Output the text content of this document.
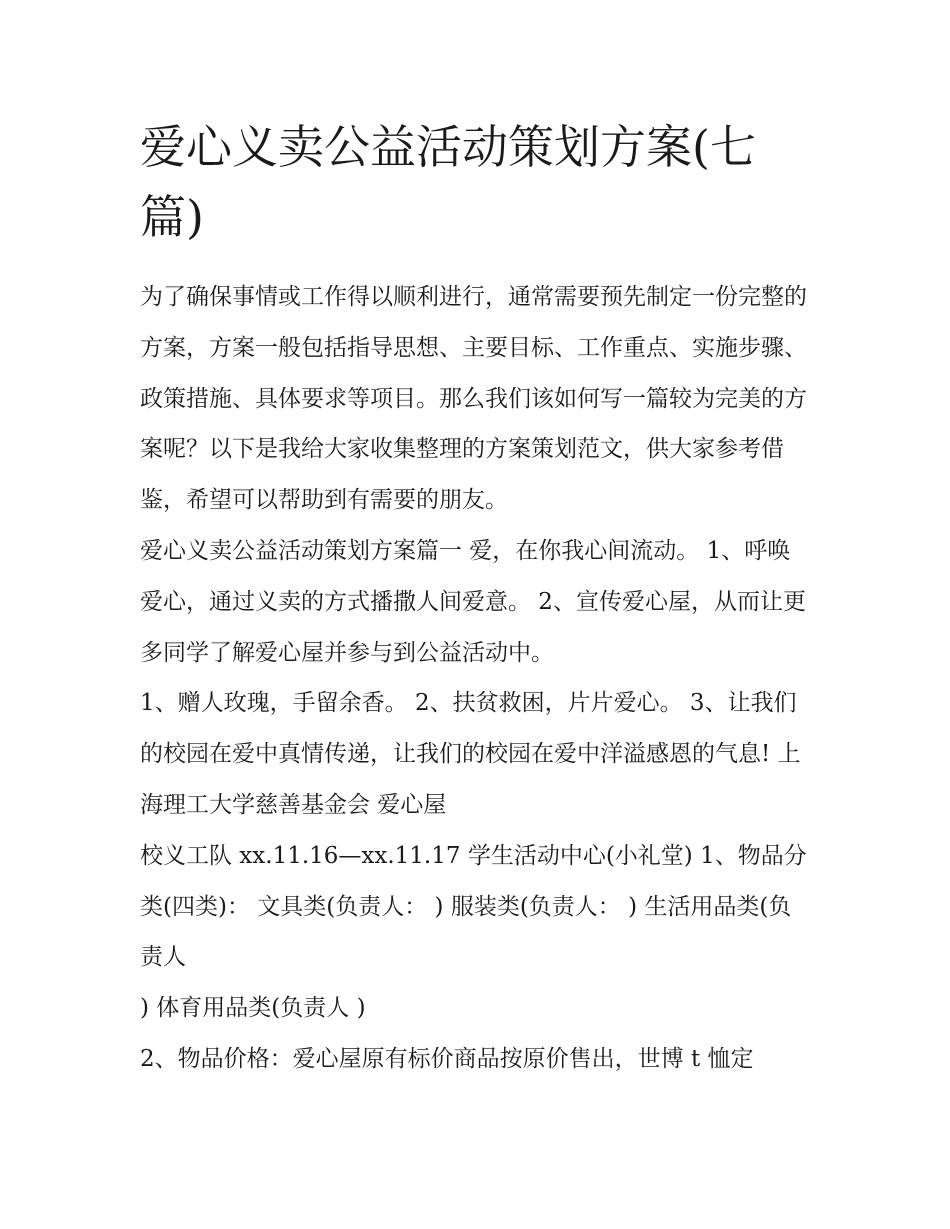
爱心义卖公益活动策划方案(七篇)

为了确保事情或工作得以顺利进行，通常需要预先制定一份完整的方案，方案一般包括指导思想、主要目标、工作重点、实施步骤、政策措施、具体要求等项目。那么我们该如何写一篇较为完美的方案呢？以下是我给大家收集整理的方案策划范文，供大家参考借鉴，希望可以帮助到有需要的朋友。

爱心义卖公益活动策划方案篇一 爱，在你我心间流动。 1、呼唤爱心，通过义卖的方式播撒人间爱意。 2、宣传爱心屋，从而让更多同学了解爱心屋并参与到公益活动中。

1、赠人玫瑰，手留余香。 2、扶贫救困，片片爱心。 3、让我们的校园在爱中真情传递，让我们的校园在爱中洋溢感恩的气息! 上海理工大学慈善基金会 爱心屋

校义工队 xx.11.16—xx.11.17 学生活动中心(小礼堂) 1、物品分类(四类)： 文具类(负责人： ) 服装类(负责人： ) 生活用品类(负责人

) 体育用品类(负责人 )

2、物品价格：爱心屋原有标价商品按原价售出，世博 t 恤定
